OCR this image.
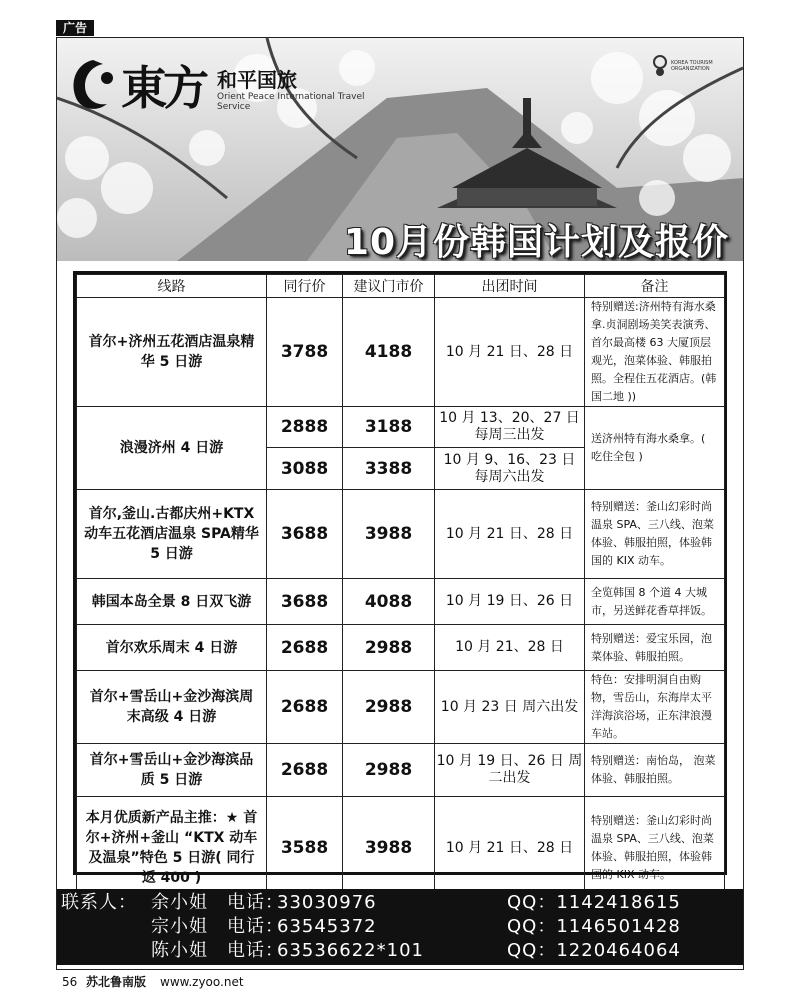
广告
東方 和平国旅
Orient Peace International Travel Service
KOREA TOURISM ORGANIZATION
10月份韩国计划及报价
线路	同行价	建议门市价	出团时间	备注
首尔+济州五花酒店温泉精华 5 日游	3788	4188	10 月 21 日、28 日	特别赠送:济州特有海水桑拿.贞洞剧场美笑表演秀、首尔最高楼 63 大厦顶层观光，泡菜体验、韩服拍照。全程住五花酒店。(韩国二地 ))
浪漫济州 4 日游	2888	3188	10 月 13、20、27 日 每周三出发	送济州特有海水桑拿。( 吃住全包 )
	3088	3388	10 月 9、16、23 日 每周六出发	
首尔,釜山.古都庆州+KTX动车五花酒店温泉 SPA精华 5 日游	3688	3988	10 月 21 日、28 日	特别赠送：釜山幻彩时尚温泉 SPA、三八线、泡菜体验、韩服拍照，体验韩国的 KIX 动车。
韩国本岛全景 8 日双飞游	3688	4088	10 月 19 日、26 日	全览韩国 8 个道 4 大城市，另送鲜花香草拌饭。
首尔欢乐周末 4 日游	2688	2988	10 月 21、28 日	特别赠送：爱宝乐园，泡菜体验、韩服拍照。
首尔+雪岳山+金沙海滨周末高级 4 日游	2688	2988	10 月 23 日 周六出发	特色：安排明洞自由购物，雪岳山，东海岸太平洋海滨浴场，正东津浪漫车站。
首尔+雪岳山+金沙海滨品质 5 日游	2688	2988	10 月 19 日、26 日 周二出发	特别赠送：南怡岛， 泡菜体验、韩服拍照。
本月优质新产品主推：★ 首尔+济州+釜山 “KTX 动车及温泉”特色 5 日游( 同行返 400 )	3588	3988	10 月 21 日、28 日	特别赠送：釜山幻彩时尚温泉 SPA、三八线、泡菜体验、韩服拍照，体验韩国的 KIX 动车。
联系人： 余小姐 电话：
33030976	QQ：1142418615
宗小姐 电话：
63545372	QQ：1146501428
陈小姐 电话：
63536622*101	QQ：1220464064
56 苏北鲁南版 www.zyoo.net
